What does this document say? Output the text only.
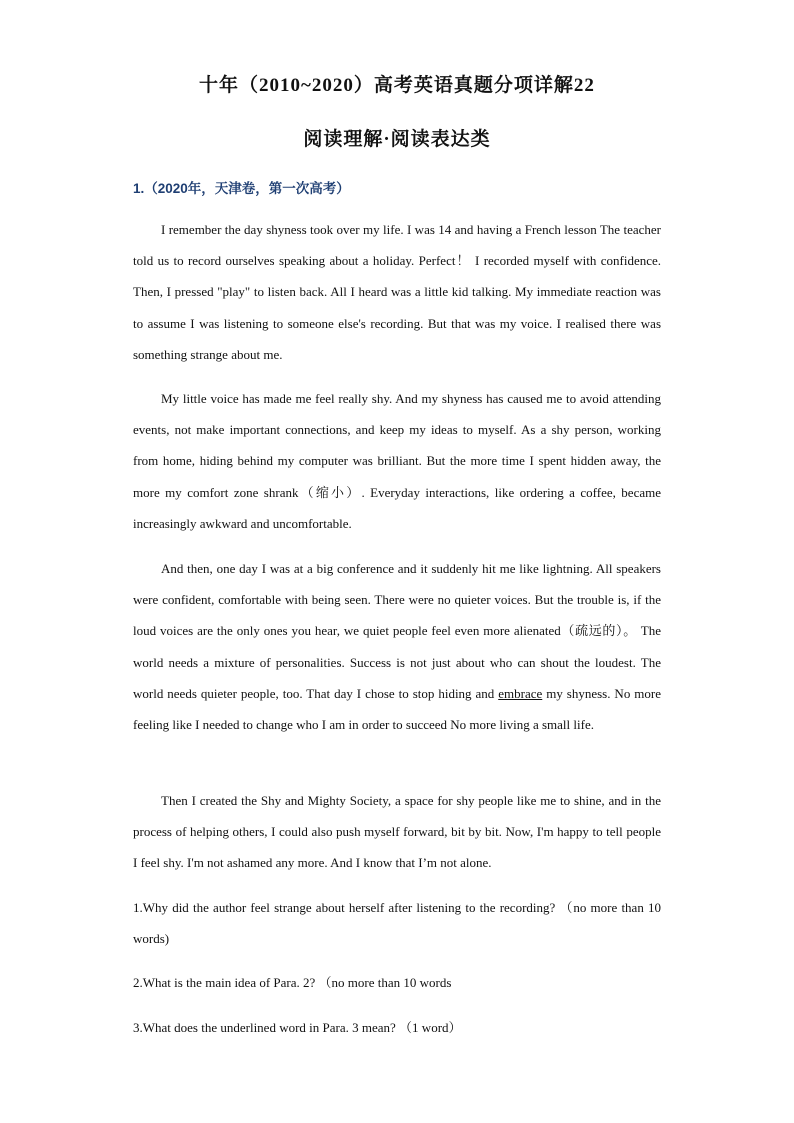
十年（2010~2020）高考英语真题分项详解22
阅读理解·阅读表达类
1.（2020年，天津卷，第一次高考）
I remember the day shyness took over my life. I was 14 and having a French lesson The teacher told us to record ourselves speaking about a holiday. Perfect！ I recorded myself with confidence. Then, I pressed "play" to listen back. All I heard was a little kid talking. My immediate reaction was to assume I was listening to someone else's recording. But that was my voice. I realised there was something strange about me.
My little voice has made me feel really shy. And my shyness has caused me to avoid attending events, not make important connections, and keep my ideas to myself. As a shy person, working from home, hiding behind my computer was brilliant. But the more time I spent hidden away, the more my comfort zone shrank（缩小）. Everyday interactions, like ordering a coffee, became increasingly awkward and uncomfortable.
And then, one day I was at a big conference and it suddenly hit me like lightning. All speakers were confident, comfortable with being seen. There were no quieter voices. But the trouble is, if the loud voices are the only ones you hear, we quiet people feel even more alienated（疏远的）。 The world needs a mixture of personalities. Success is not just about who can shout the loudest. The world needs quieter people, too. That day I chose to stop hiding and embrace my shyness. No more feeling like I needed to change who I am in order to succeed No more living a small life.
Then I created the Shy and Mighty Society, a space for shy people like me to shine, and in the process of helping others, I could also push myself forward, bit by bit. Now, I'm happy to tell people I feel shy. I'm not ashamed any more. And I know that I’m not alone.
1.Why did the author feel strange about herself after listening to the recording? （no more than 10 words)
2.What is the main idea of Para. 2? （no more than 10 words
3.What does the underlined word in Para. 3 mean? （1 word）
